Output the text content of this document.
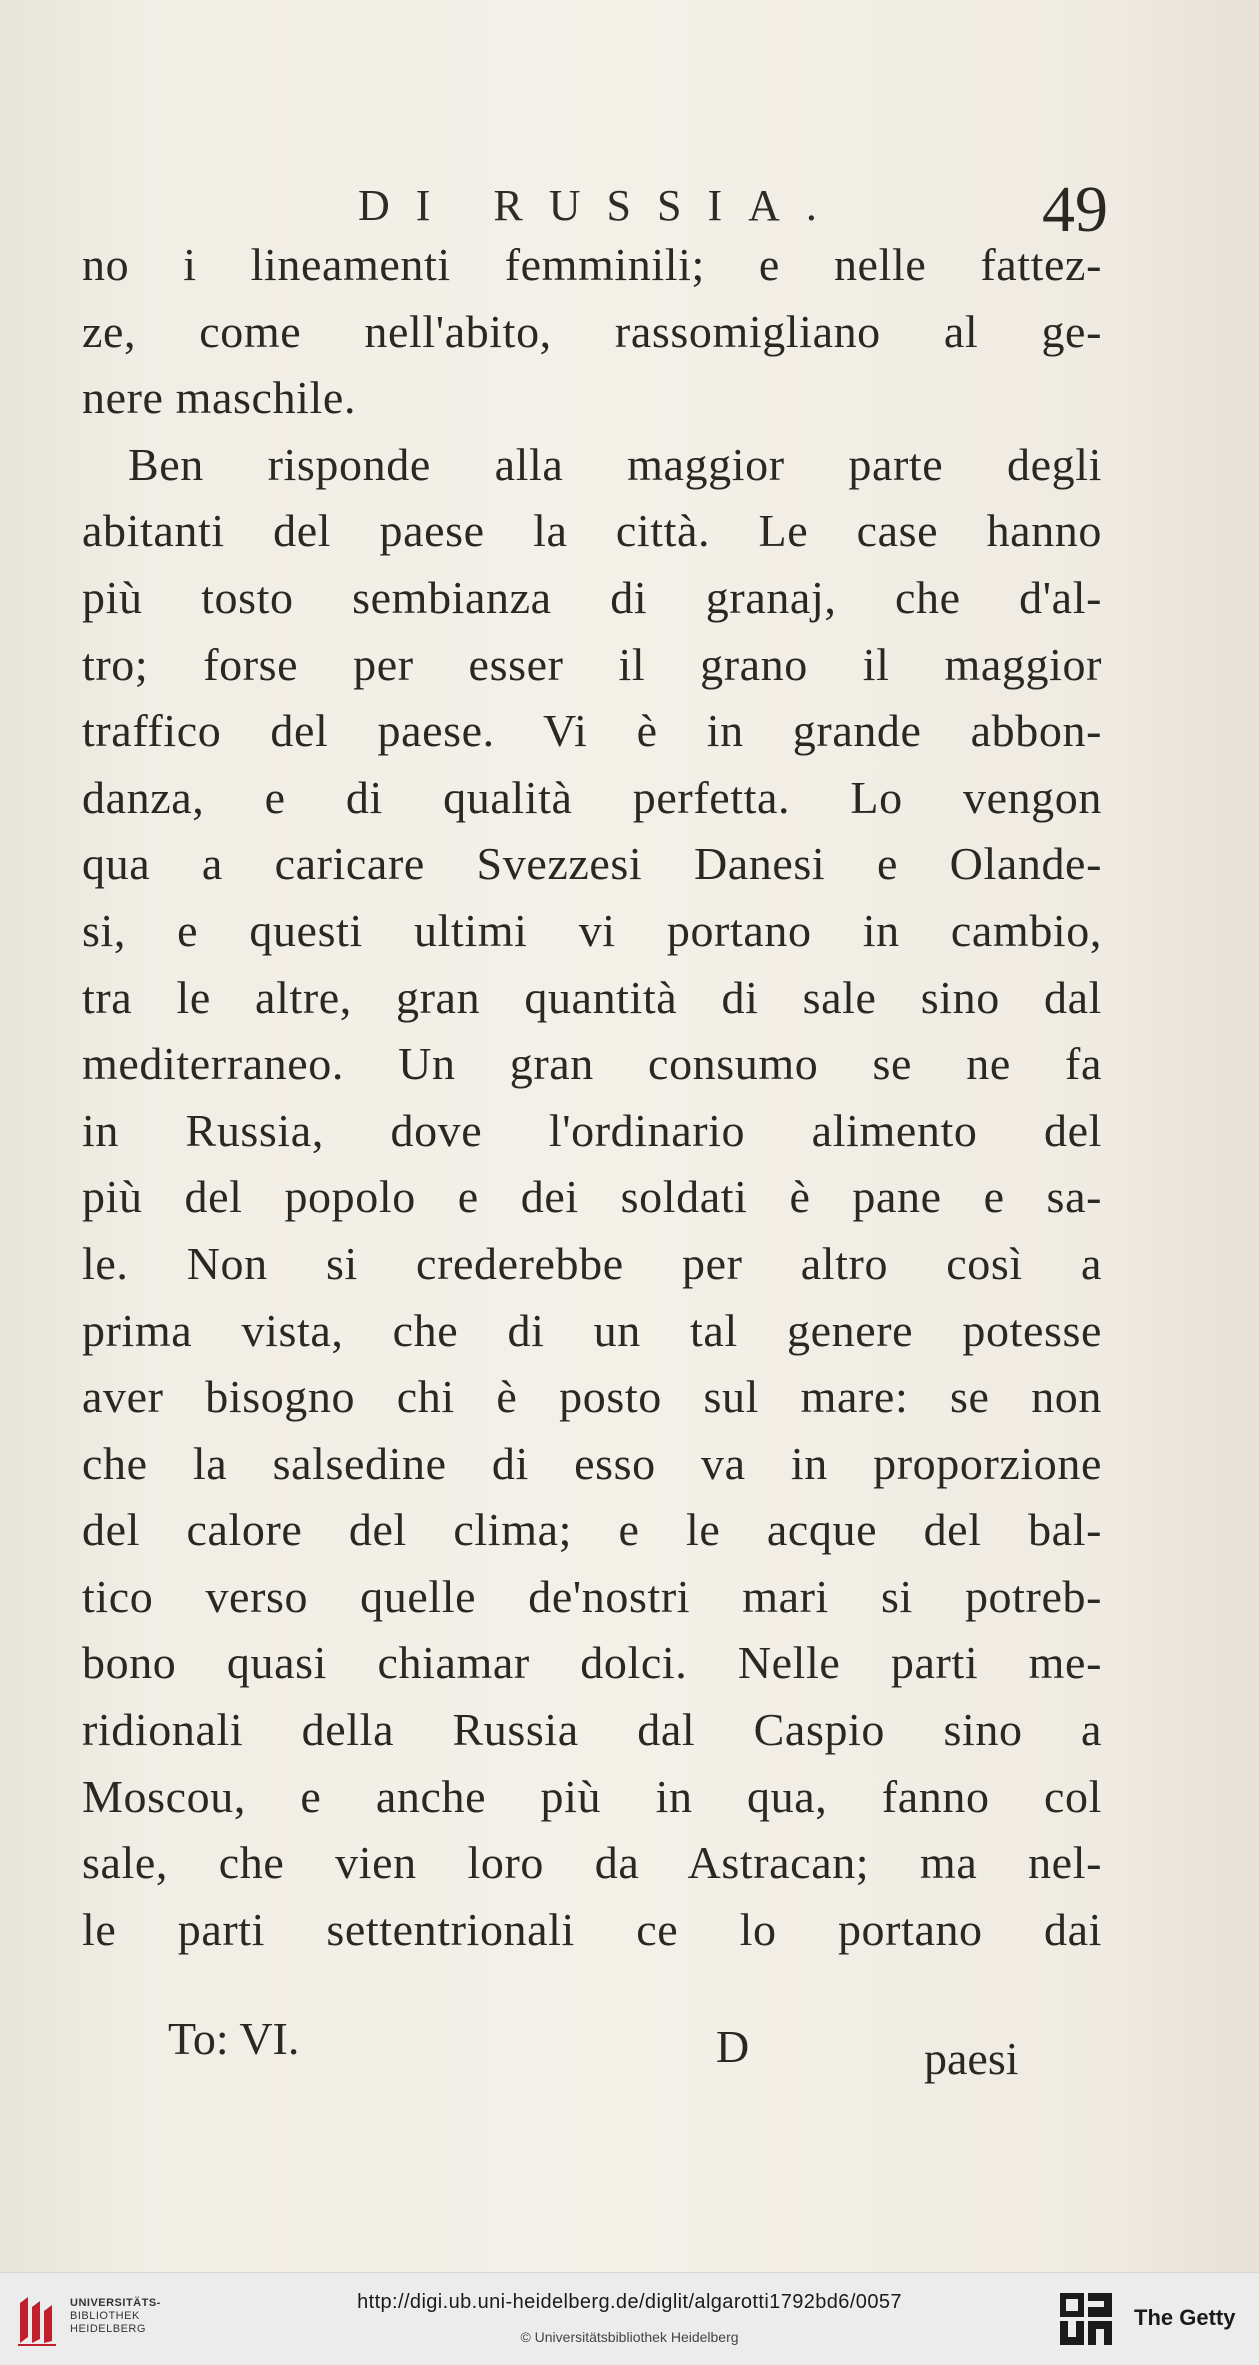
DI RUSSIA.	49
no i lineamenti femminili; e nelle fattez-
ze, come nell'abito, rassomigliano al ge-
nere maschile.
Ben risponde alla maggior parte degli
abitanti del paese la città. Le case hanno
più tosto sembianza di granaj, che d'al-
tro; forse per esser il grano il maggior
traffico del paese. Vi è in grande abbon-
danza, e di qualità perfetta. Lo vengon
qua a caricare Svezzesi Danesi e Olande-
si, e questi ultimi vi portano in cambio,
tra le altre, gran quantità di sale sino dal
mediterraneo. Un gran consumo se ne fa
in Russia, dove l'ordinario alimento del
più del popolo e dei soldati è pane e sa-
le. Non si crederebbe per altro così a
prima vista, che di un tal genere potesse
aver bisogno chi è posto sul mare: se non
che la salsedine di esso va in proporzione
del calore del clima; e le acque del bal-
tico verso quelle de'nostri mari si potreb-
bono quasi chiamar dolci. Nelle parti me-
ridionali della Russia dal Caspio sino a
Moscou, e anche più in qua, fanno col
sale, che vien loro da Astracan; ma nel-
le parti settentrionali ce lo portano dai
To: VI.	D	paesi
UNIVERSITÄTS-
BIBLIOTHEK
HEIDELBERG
http://digi.ub.uni-heidelberg.de/diglit/algarotti1792bd6/0057
© Universitätsbibliothek Heidelberg
The Getty
